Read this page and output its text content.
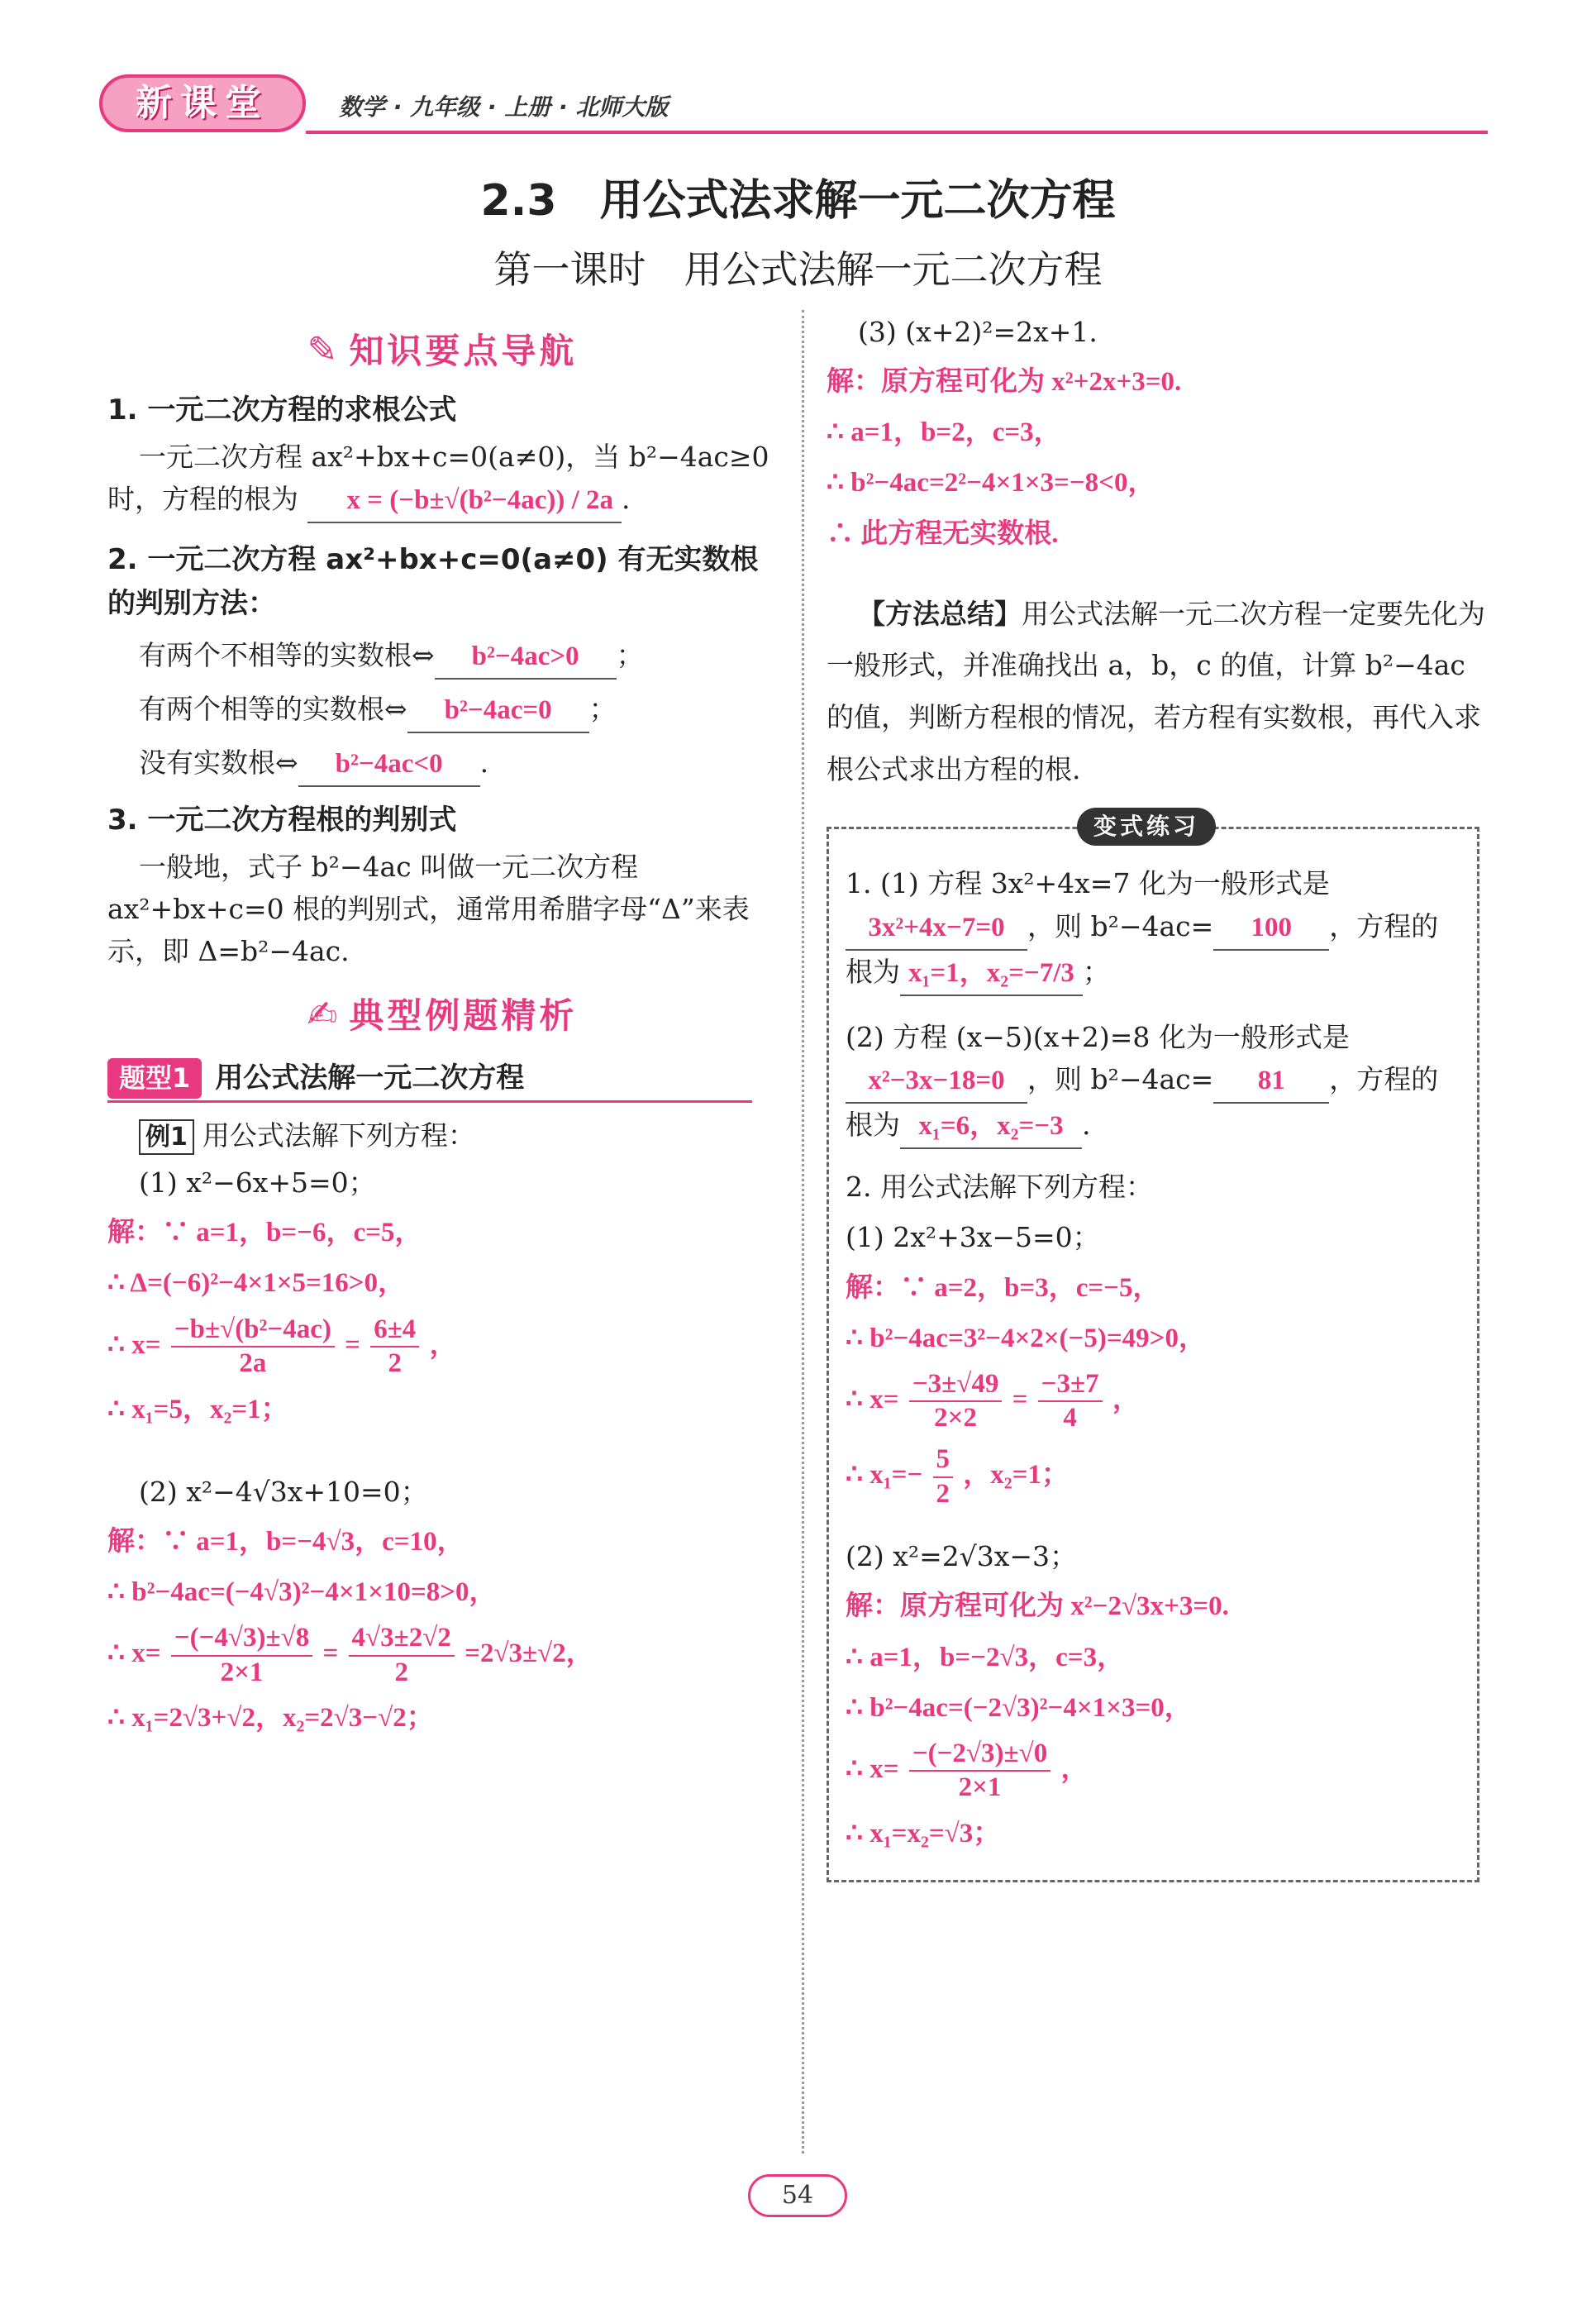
新课堂	数学 · 九年级 · 上册 · 北师大版
2.3　用公式法求解一元二次方程
第一课时　用公式法解一元二次方程
✎ 知识要点导航
1. 一元二次方程的求根公式
一元二次方程 ax²+bx+c=0(a≠0)，当 b²−4ac≥0 时，方程的根为 x = (−b±√(b²−4ac)) / 2a .
2. 一元二次方程 ax²+bx+c=0(a≠0) 有无实数根的判别方法：
有两个不相等的实数根⇔ b²−4ac>0 ；
有两个相等的实数根⇔ b²−4ac=0 ；
没有实数根⇔ b²−4ac<0 .
3. 一元二次方程根的判别式
一般地，式子 b²−4ac 叫做一元二次方程 ax²+bx+c=0 根的判别式，通常用希腊字母“Δ”来表示，即 Δ=b²−4ac.
✍ 典型例题精析
题型1 用公式法解一元二次方程
例1 用公式法解下列方程：
(1) x²−6x+5=0；
解：∵ a=1，b=−6，c=5，
∴ Δ=(−6)²−4×1×5=16>0，
∴ $x= \frac{\text{−b±√(b²−4ac)}}{2a} = \frac{6\pm 4}{2}$ ，
∴ x₁=5，x₂=1；
(2) x²−4√3x+10=0；
解：∵ a=1，b=−4√3，c=10，
∴ b²−4ac=(−4√3)²−4×1×10=8>0，
∴ $x= \frac{-(-4√3)\pm√8}{2\times 1} = \frac{4√3\pm 2√2}{2} =2√3\pm√2$，
∴ x₁=2√3+√2，x₂=2√3−√2；
(3) (x+2)²=2x+1.
解：原方程可化为 x²+2x+3=0.
∴ a=1，b=2，c=3，
∴ b²−4ac=2²−4×1×3=−8<0，
∴ 此方程无实数根.
【方法总结】用公式法解一元二次方程一定要先化为一般形式，并准确找出 a，b，c 的值，计算 b²−4ac 的值，判断方程根的情况，若方程有实数根，再代入求根公式求出方程的根.
变式练习
1. (1) 方程 3x²+4x=7 化为一般形式是 3x²+4x−7=0 ，则 b²−4ac= 100 ，方程的根为 x₁=1，x₂=−7/3 ；
(2) 方程 (x−5)(x+2)=8 化为一般形式是 x²−3x−18=0 ，则 b²−4ac= 81 ，方程的根为 x₁=6，x₂=−3 .
2. 用公式法解下列方程：
(1) 2x²+3x−5=0；
解：∵ a=2，b=3，c=−5，
∴ b²−4ac=3²−4×2×(−5)=49>0，
∴ $x= \frac{-3\pm√49}{2\times 2} = \frac{-3\pm 7}{4}$ ，
∴ $x_1=- \frac{5}{2}$ ，x₂=1；
(2) x²=2√3x−3；
解：原方程可化为 x²−2√3x+3=0.
∴ a=1，b=−2√3，c=3，
∴ b²−4ac=(−2√3)²−4×1×3=0，
∴ $x= \frac{-(-2√3)\pm√0}{2\times 1}$ ，
∴ x₁=x₂=√3；
54
